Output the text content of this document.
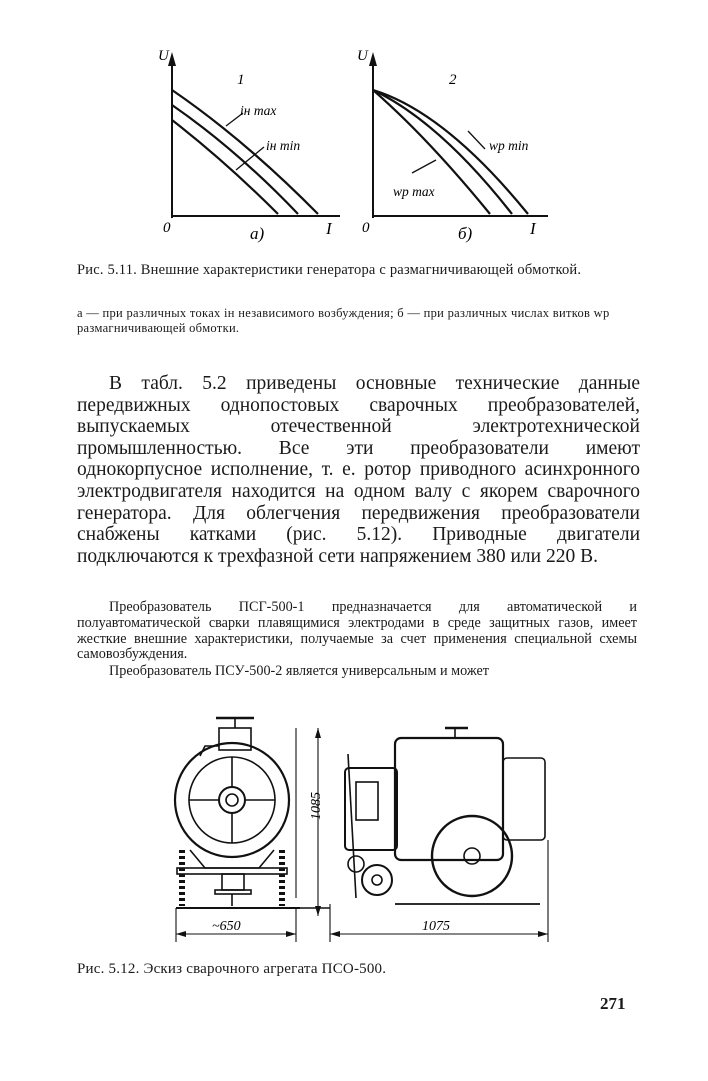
U
1
iн max
iн min
0	а)	I
U
2
wр min
wр max
0	б)	I
Рис. 5.11. Внешние характеристики генератора с размагничивающей обмоткой.
а — при различных токах iн независимого возбуждения; б — при различных числах витков wр размагничивающей обмотки.
В табл. 5.2 приведены основные технические данные передвижных однопостовых сварочных преобразователей, выпускаемых отечественной электротехнической промышленностью. Все эти преобразователи имеют однокорпусное исполнение, т. е. ротор приводного асинхронного электродвигателя находится на одном валу с якорем сварочного генератора. Для облегчения передвижения преобразователи снабжены катками (рис. 5.12). Приводные двигатели подключаются к трехфазной сети напряжением 380 или 220 В.
Преобразователь ПСГ-500-1 предназначается для автоматической и полуавтоматической сварки плавящимися электродами в среде защитных газов, имеет жесткие внешние характеристики, получаемые за счет применения специальной схемы самовозбуждения.
Преобразователь ПСУ-500-2 является универсальным и может
1085
~650	1075
Рис. 5.12. Эскиз сварочного агрегата ПСО-500.
271
